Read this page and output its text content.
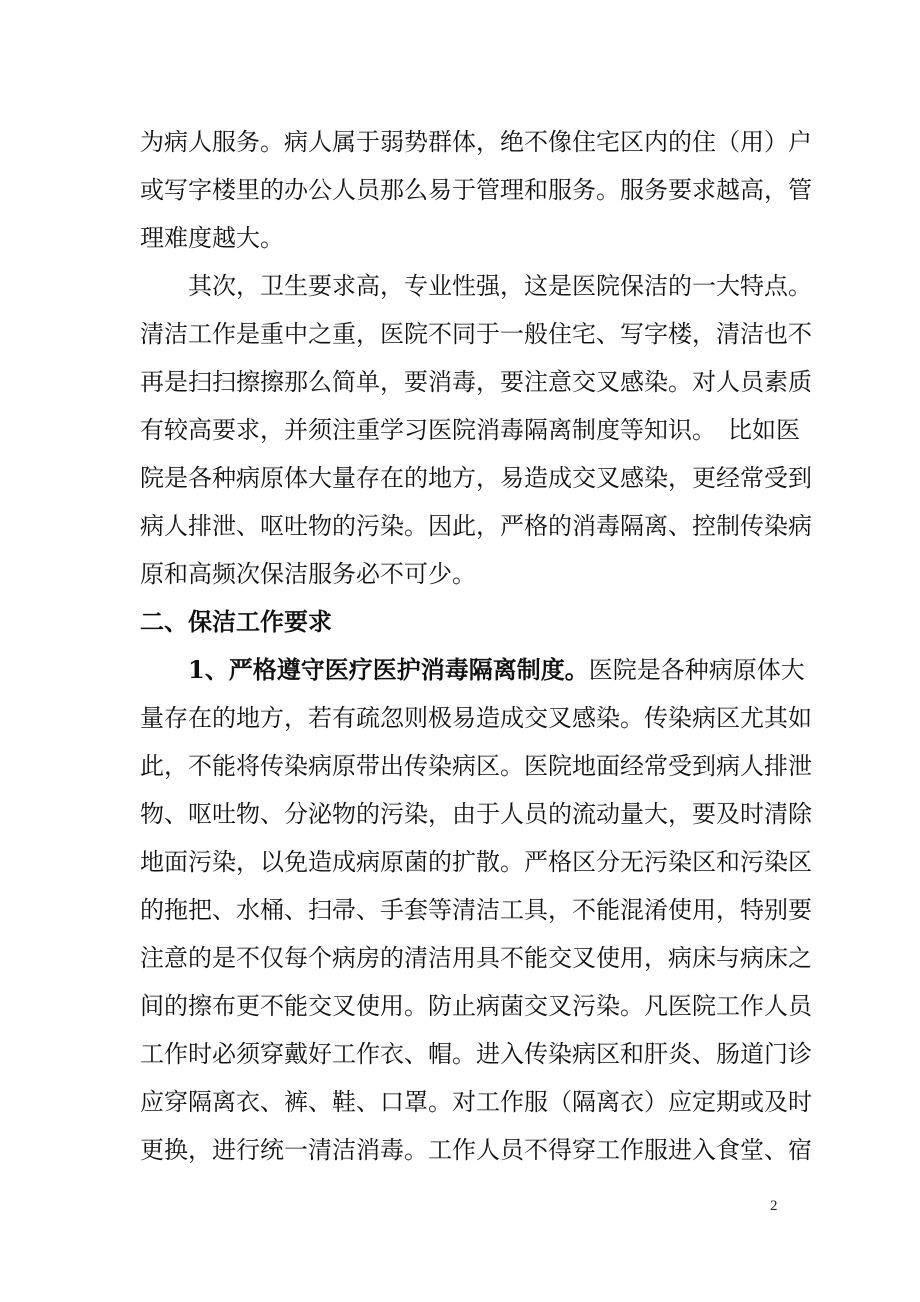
为病人服务。病人属于弱势群体，绝不像住宅区内的住（用）户
或写字楼里的办公人员那么易于管理和服务。服务要求越高，管
理难度越大。
其次，卫生要求高，专业性强，这是医院保洁的一大特点。
清洁工作是重中之重，医院不同于一般住宅、写字楼，清洁也不
再是扫扫擦擦那么简单，要消毒，要注意交叉感染。对人员素质
有较高要求，并须注重学习医院消毒隔离制度等知识。　比如医
院是各种病原体大量存在的地方，易造成交叉感染，更经常受到
病人排泄、呕吐物的污染。因此，严格的消毒隔离、控制传染病
原和高频次保洁服务必不可少。
二、保洁工作要求
1、严格遵守医疗医护消毒隔离制度。医院是各种病原体大
量存在的地方，若有疏忽则极易造成交叉感染。传染病区尤其如
此，不能将传染病原带出传染病区。医院地面经常受到病人排泄
物、呕吐物、分泌物的污染，由于人员的流动量大，要及时清除
地面污染，以免造成病原菌的扩散。严格区分无污染区和污染区
的拖把、水桶、扫帚、手套等清洁工具，不能混淆使用，特别要
注意的是不仅每个病房的清洁用具不能交叉使用，病床与病床之
间的擦布更不能交叉使用。防止病菌交叉污染。凡医院工作人员
工作时必须穿戴好工作衣、帽。进入传染病区和肝炎、肠道门诊
应穿隔离衣、裤、鞋、口罩。对工作服（隔离衣）应定期或及时
更换，进行统一清洁消毒。工作人员不得穿工作服进入食堂、宿
2
